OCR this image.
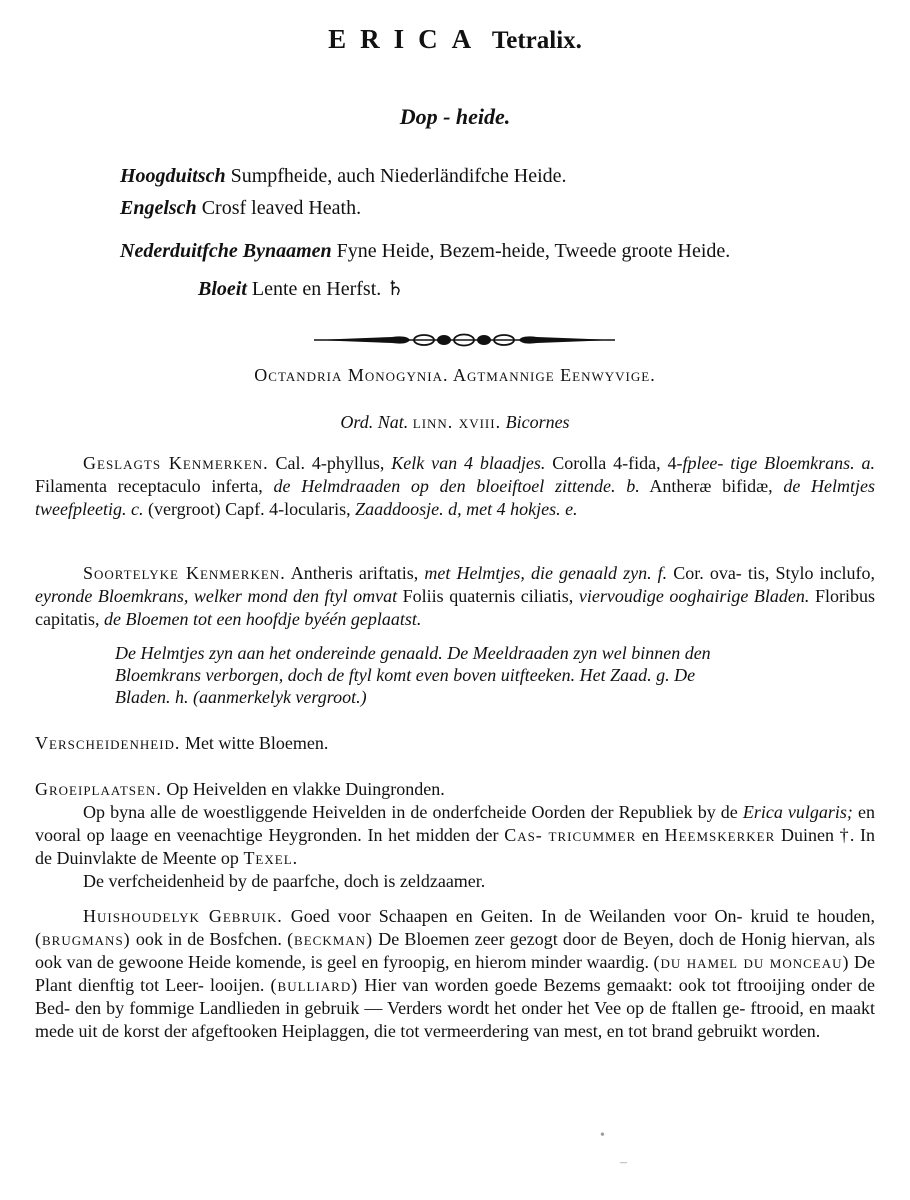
ERICA Tetralix.
Dop - heide.
Hoogduitsch Sumpfheide, auch Niederländifche Heide.
Engelsch Crosf leaved Heath.
Nederduitfche Bynaamen Fyne Heide, Bezem-heide, Tweede groote Heide.
Bloeit Lente en Herfst. ♄
Octandria Monogynia. Agtmannige Eenwyvige.
Ord. Nat. linn. xviii. Bicornes

Geslagts Kenmerken. Cal. 4-phyllus, Kelk van 4 blaadjes. Corolla 4-fida, 4-fplee- tige Bloemkrans. a. Filamenta receptaculo inferta, de Helmdraaden op den bloeiftoel zittende. b. Antheræ bifidæ, de Helmtjes tweefpleetig. c. (vergroot) Capf. 4-locularis, Zaaddoosje. d, met 4 hokjes. e.

Soortelyke Kenmerken. Antheris ariftatis, met Helmtjes, die genaald zyn. f. Cor. ova- tis, Stylo inclufo, eyronde Bloemkrans, welker mond den ftyl omvat Foliis quaternis ciliatis, viervoudige ooghairige Bladen. Floribus capitatis, de Bloemen tot een hoofdje byéén geplaatst.

De Helmtjes zyn aan het ondereinde genaald. De Meeldraaden zyn wel binnen den
Bloemkrans verborgen, doch de ftyl komt even boven uitfteeken. Het Zaad. g. De
Bladen. h. (aanmerkelyk vergroot.)

Verscheidenheid. Met witte Bloemen.

Groeiplaatsen. Op Heivelden en vlakke Duingronden.

Op byna alle de woestliggende Heivelden in de onderfcheide Oorden der Republiek by de Erica vulgaris; en vooral op laage en veenachtige Heygronden. In het midden der Cas- tricummer en Heemskerker Duinen †. In de Duinvlakte de Meente op Texel.

De verfcheidenheid by de paarfche, doch is zeldzaamer.

Huishoudelyk Gebruik. Goed voor Schaapen en Geiten. In de Weilanden voor On- kruid te houden, (brugmans) ook in de Bosfchen. (beckman) De Bloemen zeer gezogt door de Beyen, doch de Honig hiervan, als ook van de gewoone Heide komende, is geel en fyroopig, en hierom minder waardig. (du hamel du monceau) De Plant dienftig tot Leer- looijen. (bulliard) Hier van worden goede Bezems gemaakt: ook tot ftrooijing onder de Bed- den by fommige Landlieden in gebruik — Verders wordt het onder het Vee op de ftallen ge- ftrooid, en maakt mede uit de korst der afgeftooken Heiplaggen, die tot vermeerdering van mest, en tot brand gebruikt worden.

•
–
